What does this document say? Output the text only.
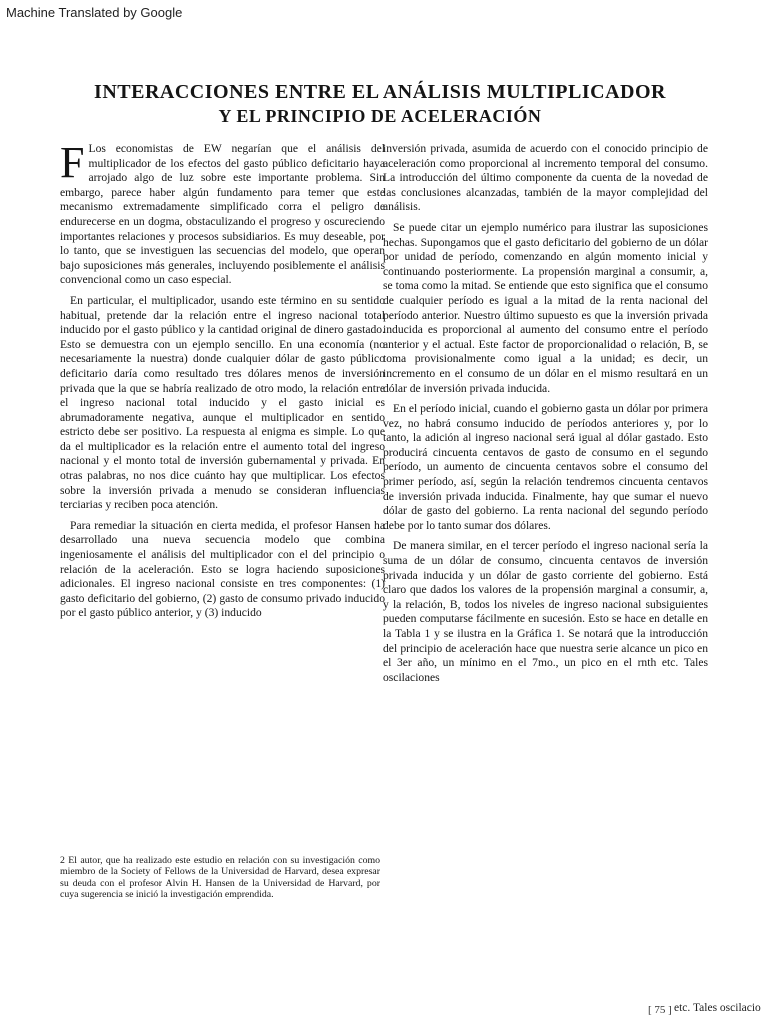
Machine Translated by Google
INTERACCIONES ENTRE EL ANÁLISIS MULTIPLICADOR
Y EL PRINCIPIO DE ACELERACIÓN

F Los economistas de EW negarían que el análisis del multiplicador de los efectos del gasto público deficitario haya arrojado algo de luz sobre este importante problema. Sin embargo, parece haber algún fundamento para temer que este mecanismo extremadamente simplificado corra el peligro de endurecerse en un dogma, obstaculizando el progreso y oscureciendo importantes relaciones y procesos subsidiarios. Es muy deseable, por lo tanto, que se investiguen las secuencias del modelo, que operan bajo suposiciones más generales, incluyendo posiblemente el análisis convencional como un caso especial.

En particular, el multiplicador, usando este término en su sentido habitual, pretende dar la relación entre el ingreso nacional total inducido por el gasto público y la cantidad original de dinero gastado. Esto se demuestra con un ejemplo sencillo. En una economía (no necesariamente la nuestra) donde cualquier dólar de gasto público deficitario daría como resultado tres dólares menos de inversión privada que la que se habría realizado de otro modo, la relación entre el ingreso nacional total inducido y el gasto inicial es abrumadoramente negativa, aunque el multiplicador en sentido estricto debe ser positivo. La respuesta al enigma es simple. Lo que da el multiplicador es la relación entre el aumento total del ingreso nacional y el monto total de inversión gubernamental y privada. En otras palabras, no nos dice cuánto hay que multiplicar. Los efectos sobre la inversión privada a menudo se consideran influencias terciarias y reciben poca atención.

Para remediar la situación en cierta medida, el profesor Hansen ha desarrollado una nueva secuencia modelo que combina ingeniosamente el análisis del multiplicador con el del principio o relación de la aceleración. Esto se logra haciendo suposiciones adicionales. El ingreso nacional consiste en tres componentes: (1) gasto deficitario del gobierno, (2) gasto de consumo privado inducido por el gasto público anterior, y (3) inducido

2 El autor, que ha realizado este estudio en relación con su investigación como miembro de la Society of Fellows de la Universidad de Harvard, desea expresar su deuda con el profesor Alvin H. Hansen de la Universidad de Harvard, por cuya sugerencia se inició la investigación emprendida.

inversión privada, asumida de acuerdo con el conocido principio de aceleración como proporcional al incremento temporal del consumo. La introducción del último componente da cuenta de la novedad de las conclusiones alcanzadas, también de la mayor complejidad del análisis.

Se puede citar un ejemplo numérico para ilustrar las suposiciones hechas. Supongamos que el gasto deficitario del gobierno de un dólar por unidad de período, comenzando en algún momento inicial y continuando posteriormente. La propensión marginal a consumir, a, se toma como la mitad. Se entiende que esto significa que el consumo de cualquier período es igual a la mitad de la renta nacional del período anterior. Nuestro último supuesto es que la inversión privada inducida es proporcional al aumento del consumo entre el período anterior y el actual. Este factor de proporcionalidad o relación, B, se toma provisionalmente como igual a la unidad; es decir, un incremento en el consumo de un dólar en el mismo resultará en un dólar de inversión privada inducida.

En el período inicial, cuando el gobierno gasta un dólar por primera vez, no habrá consumo inducido de períodos anteriores y, por lo tanto, la adición al ingreso nacional será igual al dólar gastado. Esto producirá cincuenta centavos de gasto de consumo en el segundo período, un aumento de cincuenta centavos sobre el consumo del primer período, así, según la relación tendremos cincuenta centavos de inversión privada inducida. Finalmente, hay que sumar el nuevo dólar de gasto del gobierno. La renta nacional del segundo período debe por lo tanto sumar dos dólares.

De manera similar, en el tercer período el ingreso nacional sería la suma de un dólar de consumo, cincuenta centavos de inversión privada inducida y un dólar de gasto corriente del gobierno. Está claro que dados los valores de la propensión marginal a consumir, a, y la relación, B, todos los niveles de ingreso nacional subsiguientes pueden computarse fácilmente en sucesión. Esto se hace en detalle en la Tabla 1 y se ilustra en la Gráfica 1. Se notará que la introducción del principio de aceleración hace que nuestra serie alcance un pico en el 3er año, un mínimo en el 7mo., un pico en el rnth etc. Tales oscilaciones

[ 75 ] etc. Tales oscilacio
